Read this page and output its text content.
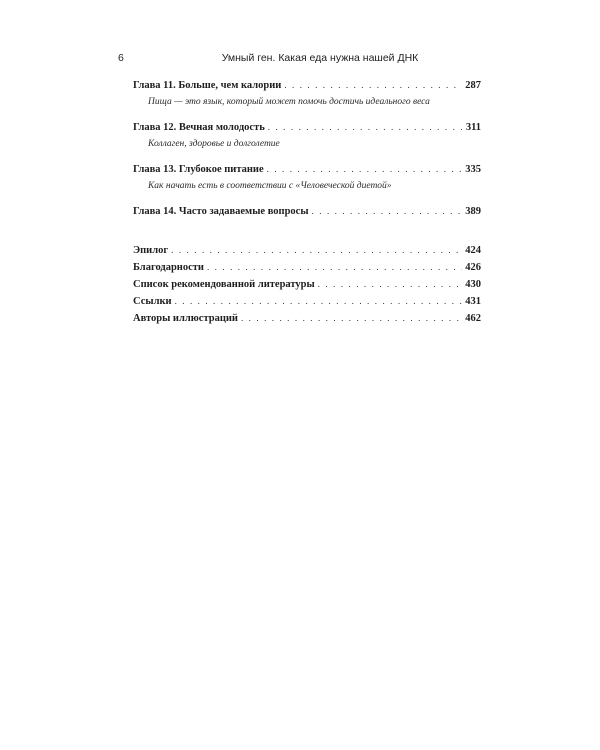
6	Умный ген. Какая еда нужна нашей ДНК
Глава 11. Больше, чем калории . . .	287
Пища — это язык, который может помочь достичь идеального веса
Глава 12. Вечная молодость . . .	311
Коллаген, здоровье и долголетие
Глава 13. Глубокое питание . . .	335
Как начать есть в соответствии с «Человеческой диетой»
Глава 14. Часто задаваемые вопросы . . .	389
Эпилог . . .	424
Благодарности . . .	426
Список рекомендованной литературы . . .	430
Ссылки . . .	431
Авторы иллюстраций . . .	462
